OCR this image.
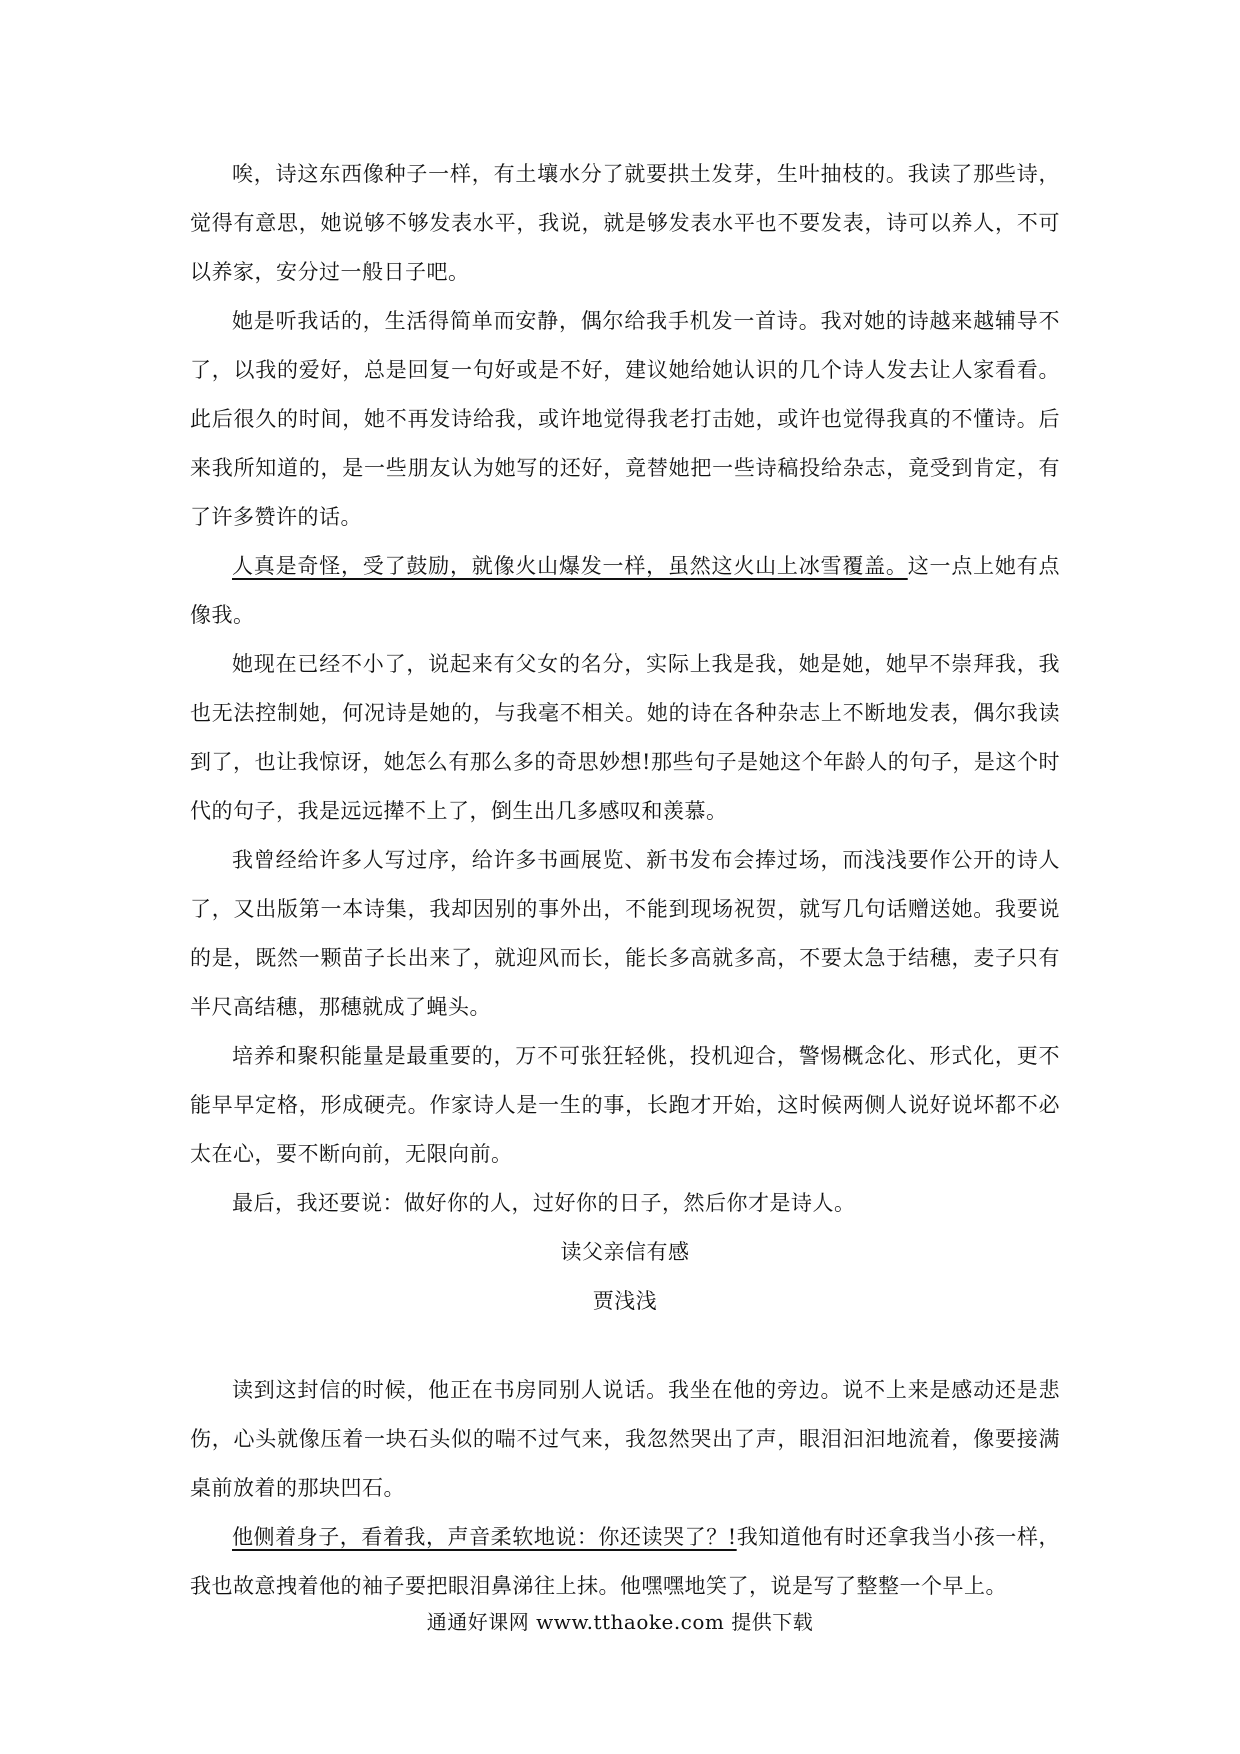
唉，诗这东西像种子一样，有土壤水分了就要拱土发芽，生叶抽枝的。我读了那些诗，觉得有意思，她说够不够发表水平，我说，就是够发表水平也不要发表，诗可以养人，不可以养家，安分过一般日子吧。

她是听我话的，生活得简单而安静，偶尔给我手机发一首诗。我对她的诗越来越辅导不了，以我的爱好，总是回复一句好或是不好，建议她给她认识的几个诗人发去让人家看看。此后很久的时间，她不再发诗给我，或许地觉得我老打击她，或许也觉得我真的不懂诗。后来我所知道的，是一些朋友认为她写的还好，竟替她把一些诗稿投给杂志，竟受到肯定，有了许多赞许的话。

人真是奇怪，受了鼓励，就像火山爆发一样，虽然这火山上冰雪覆盖。这一点上她有点像我。

她现在已经不小了，说起来有父女的名分，实际上我是我，她是她，她早不崇拜我，我也无法控制她，何况诗是她的，与我毫不相关。她的诗在各种杂志上不断地发表，偶尔我读到了，也让我惊讶，她怎么有那么多的奇思妙想!那些句子是她这个年龄人的句子，是这个时代的句子，我是远远撵不上了，倒生出几多感叹和羡慕。

我曾经给许多人写过序，给许多书画展览、新书发布会捧过场，而浅浅要作公开的诗人了，又出版第一本诗集，我却因别的事外出，不能到现场祝贺，就写几句话赠送她。我要说的是，既然一颗苗子长出来了，就迎风而长，能长多高就多高，不要太急于结穗，麦子只有半尺高结穗，那穗就成了蝇头。

培养和聚积能量是最重要的，万不可张狂轻佻，投机迎合，警惕概念化、形式化，更不能早早定格，形成硬壳。作家诗人是一生的事，长跑才开始，这时候两侧人说好说坏都不必太在心，要不断向前，无限向前。

最后，我还要说：做好你的人，过好你的日子，然后你才是诗人。

读父亲信有感

贾浅浅

读到这封信的时候，他正在书房同别人说话。我坐在他的旁边。说不上来是感动还是悲伤，心头就像压着一块石头似的喘不过气来，我忽然哭出了声，眼泪汩汩地流着，像要接满桌前放着的那块凹石。

他侧着身子，看着我，声音柔软地说：你还读哭了？!我知道他有时还拿我当小孩一样，我也故意拽着他的袖子要把眼泪鼻涕往上抹。他嘿嘿地笑了，说是写了整整一个早上。

通通好课网 www.tthaoke.com 提供下载
